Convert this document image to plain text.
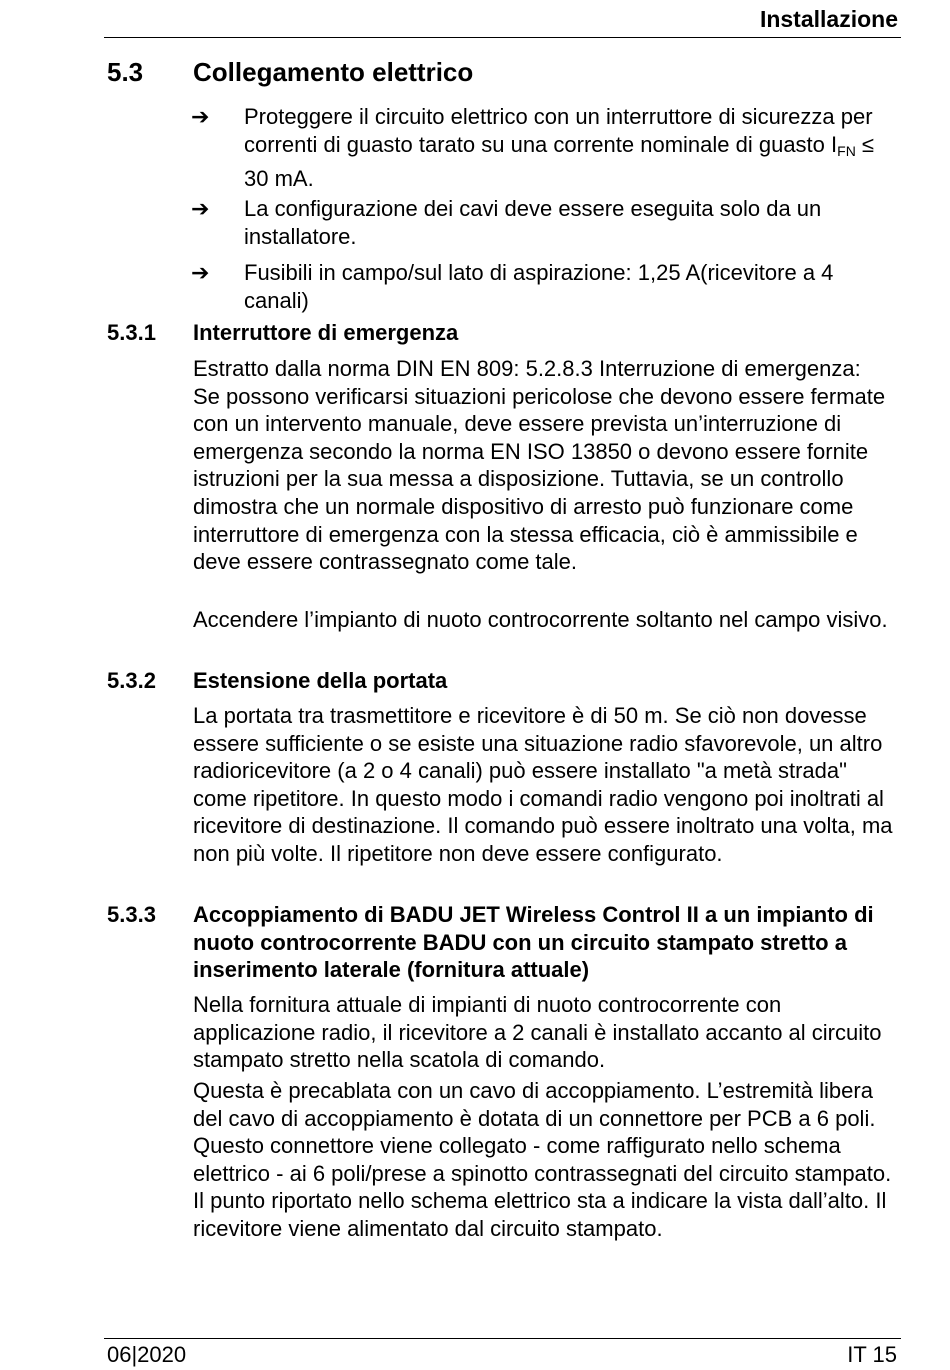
Installazione
5.3 Collegamento elettrico
➔ Proteggere il circuito elettrico con un interruttore di sicurezza per correnti di guasto tarato su una corrente nominale di guasto $I_{FN} \le 30$ mA.
➔ La configurazione dei cavi deve essere eseguita solo da un installatore.
➔ Fusibili in campo/sul lato di aspirazione: 1,25 A(ricevitore a 4 canali)
5.3.1 Interruttore di emergenza
Estratto dalla norma DIN EN 809: 5.2.8.3 Interruzione di emergenza: Se possono verificarsi situazioni pericolose che devono essere fermate con un intervento manuale, deve essere prevista un’interruzione di emergenza secondo la norma EN ISO 13850 o devono essere fornite istruzioni per la sua messa a disposizione. Tuttavia, se un controllo dimostra che un normale dispositivo di arresto può funzionare come interruttore di emergenza con la stessa efficacia, ciò è ammissibile e deve essere contrassegnato come tale.
Accendere l’impianto di nuoto controcorrente soltanto nel campo visivo.
5.3.2 Estensione della portata
La portata tra trasmettitore e ricevitore è di 50 m. Se ciò non dovesse essere sufficiente o se esiste una situazione radio sfavorevole, un altro radioricevitore (a 2 o 4 canali) può essere installato "a metà strada" come ripetitore. In questo modo i comandi radio vengono poi inoltrati al ricevitore di destinazione. Il comando può essere inoltrato una volta, ma non più volte. Il ripetitore non deve essere configurato.
5.3.3 Accoppiamento di BADU JET Wireless Control II a un impianto di nuoto controcorrente BADU con un circuito stampato stretto a inserimento laterale (fornitura attuale)
Nella fornitura attuale di impianti di nuoto controcorrente con applicazione radio, il ricevitore a 2 canali è installato accanto al circuito stampato stretto nella scatola di comando.
Questa è precablata con un cavo di accoppiamento. L’estremità libera del cavo di accoppiamento è dotata di un connettore per PCB a 6 poli. Questo connettore viene collegato - come raffigurato nello schema elettrico - ai 6 poli/prese a spinotto contrassegnati del circuito stampato. Il punto riportato nello schema elettrico sta a indicare la vista dall’alto. Il ricevitore viene alimentato dal circuito stampato.
06|2020	IT 15
